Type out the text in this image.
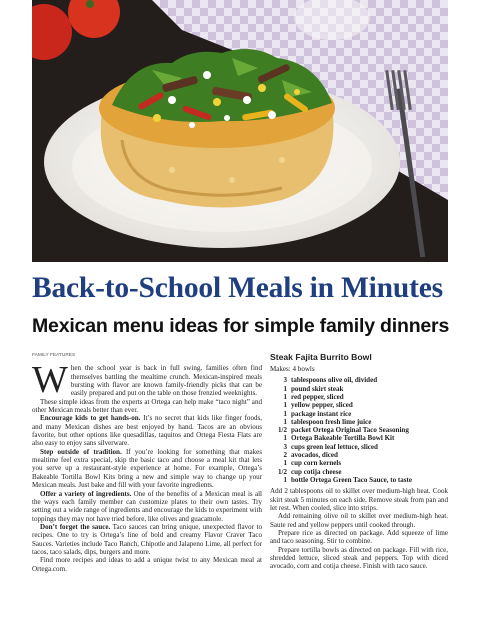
Back-to-School Meals in Minutes
Mexican menu ideas for simple family dinners
FAMILY FEATURES

When the school year is back in full swing, families often find themselves battling the mealtime crunch. Mexican-inspired meals bursting with flavor are known family-friendly picks that can be easily prepared and put on the table on those frenzied weeknights.

These simple ideas from the experts at Ortega can help make “taco night” and other Mexican meals better than ever.

Encourage kids to get hands-on. It’s no secret that kids like finger foods, and many Mexican dishes are best enjoyed by hand. Tacos are an obvious favorite, but other options like quesadillas, taquitos and Ortega Fiesta Flats are also easy to enjoy sans silverware.

Step outside of tradition. If you’re looking for something that makes mealtime feel extra special, skip the basic taco and choose a meal kit that lets you serve up a restaurant-style experience at home. For example, Ortega’s Bakeable Tortilla Bowl Kits bring a new and simple way to change up your Mexican meals. Just bake and fill with your favorite ingredients.

Offer a variety of ingredients. One of the benefits of a Mexican meal is all the ways each family member can customize plates to their own tastes. Try setting out a wide range of ingredients and encourage the kids to experiment with toppings they may not have tried before, like olives and guacamole.

Don’t forget the sauce. Taco sauces can bring unique, unexpected flavor to recipes. One to try is Ortega’s line of bold and creamy Flavor Craver Taco Sauces. Varieties include Taco Ranch, Chipotle and Jalapeno Lime, all perfect for tacos, taco salads, dips, burgers and more.

Find more recipes and ideas to add a unique twist to any Mexican meal at Ortega.com.

Steak Fajita Burrito Bowl

Makes: 4 bowls

3 tablespoons olive oil, divided
1 pound skirt steak
1 red pepper, sliced
1 yellow pepper, sliced
1 package instant rice
1 tablespoon fresh lime juice
1/2 packet Ortega Original Taco Seasoning
1 Ortega Bakeable Tortilla Bowl Kit
3 cups green leaf lettuce, sliced
2 avocados, diced
1 cup corn kernels
1/2 cup cotija cheese
1 bottle Ortega Green Taco Sauce, to taste

Add 2 tablespoons oil to skillet over medium-high heat. Cook skirt steak 5 minutes on each side. Remove steak from pan and let rest. When cooled, slice into strips.

Add remaining olive oil to skillet over medium-high heat. Saute red and yellow peppers until cooked through.

Prepare rice as directed on package. Add squeeze of lime and taco seasoning. Stir to combine.

Prepare tortilla bowls as directed on package. Fill with rice, shredded lettuce, sliced steak and peppers. Top with diced avocado, corn and cotija cheese. Finish with taco sauce.
